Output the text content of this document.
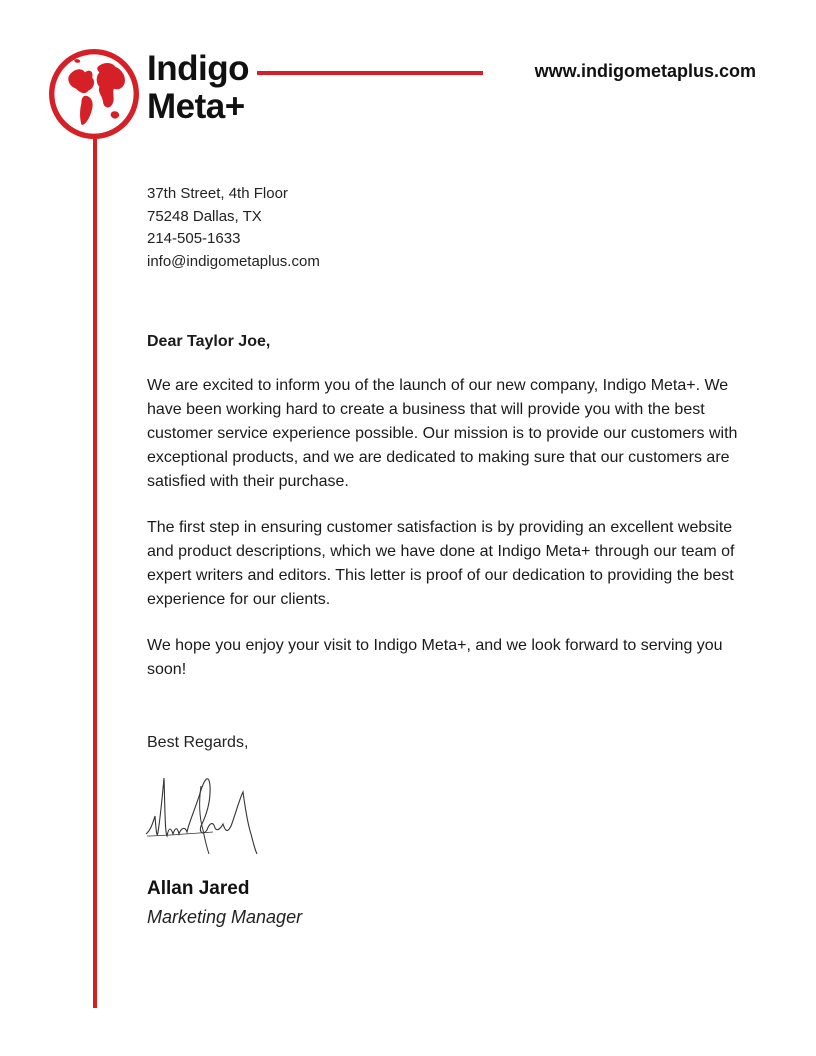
Indigo
Meta+
www.indigometaplus.com
37th Street, 4th Floor
75248 Dallas, TX
214-505-1633
info@indigometaplus.com

Dear Taylor Joe,

We are excited to inform you of the launch of our new company, Indigo Meta+. We have been working hard to create a business that will provide you with the best customer service experience possible. Our mission is to provide our customers with exceptional products, and we are dedicated to making sure that our customers are satisfied with their purchase.

The first step in ensuring customer satisfaction is by providing an excellent website and product descriptions, which we have done at Indigo Meta+ through our team of expert writers and editors. This letter is proof of our dedication to providing the best experience for our clients.

We hope you enjoy your visit to Indigo Meta+, and we look forward to serving you soon!

Best Regards,
Allan Jared
Marketing Manager
